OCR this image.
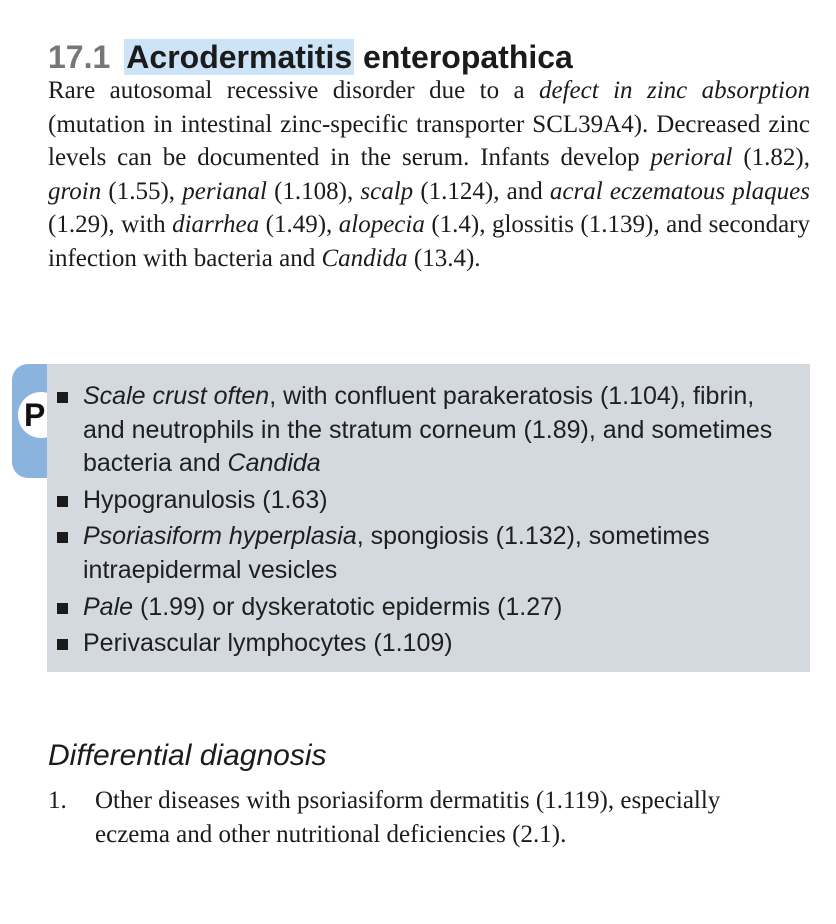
17.1 Acrodermatitis enteropathica

Rare autosomal recessive disorder due to a defect in zinc absorption (mutation in intestinal zinc-specific transporter SCL39A4). Decreased zinc levels can be documented in the serum. Infants develop perioral (1.82), groin (1.55), perianal (1.108), scalp (1.124), and acral eczematous plaques (1.29), with diarrhea (1.49), alopecia (1.4), glossitis (1.139), and secondary infection with bacteria and Candida (13.4).

P
Scale crust often, with confluent parakeratosis (1.104), fibrin, and neutrophils in the stratum corneum (1.89), and sometimes bacteria and Candida
Hypogranulosis (1.63)
Psoriasiform hyperplasia, spongiosis (1.132), sometimes intraepidermal vesicles
Pale (1.99) or dyskeratotic epidermis (1.27)
Perivascular lymphocytes (1.109)
Differential diagnosis
1. Other diseases with psoriasiform dermatitis (1.119), especially eczema and other nutritional deficiencies (2.1).
